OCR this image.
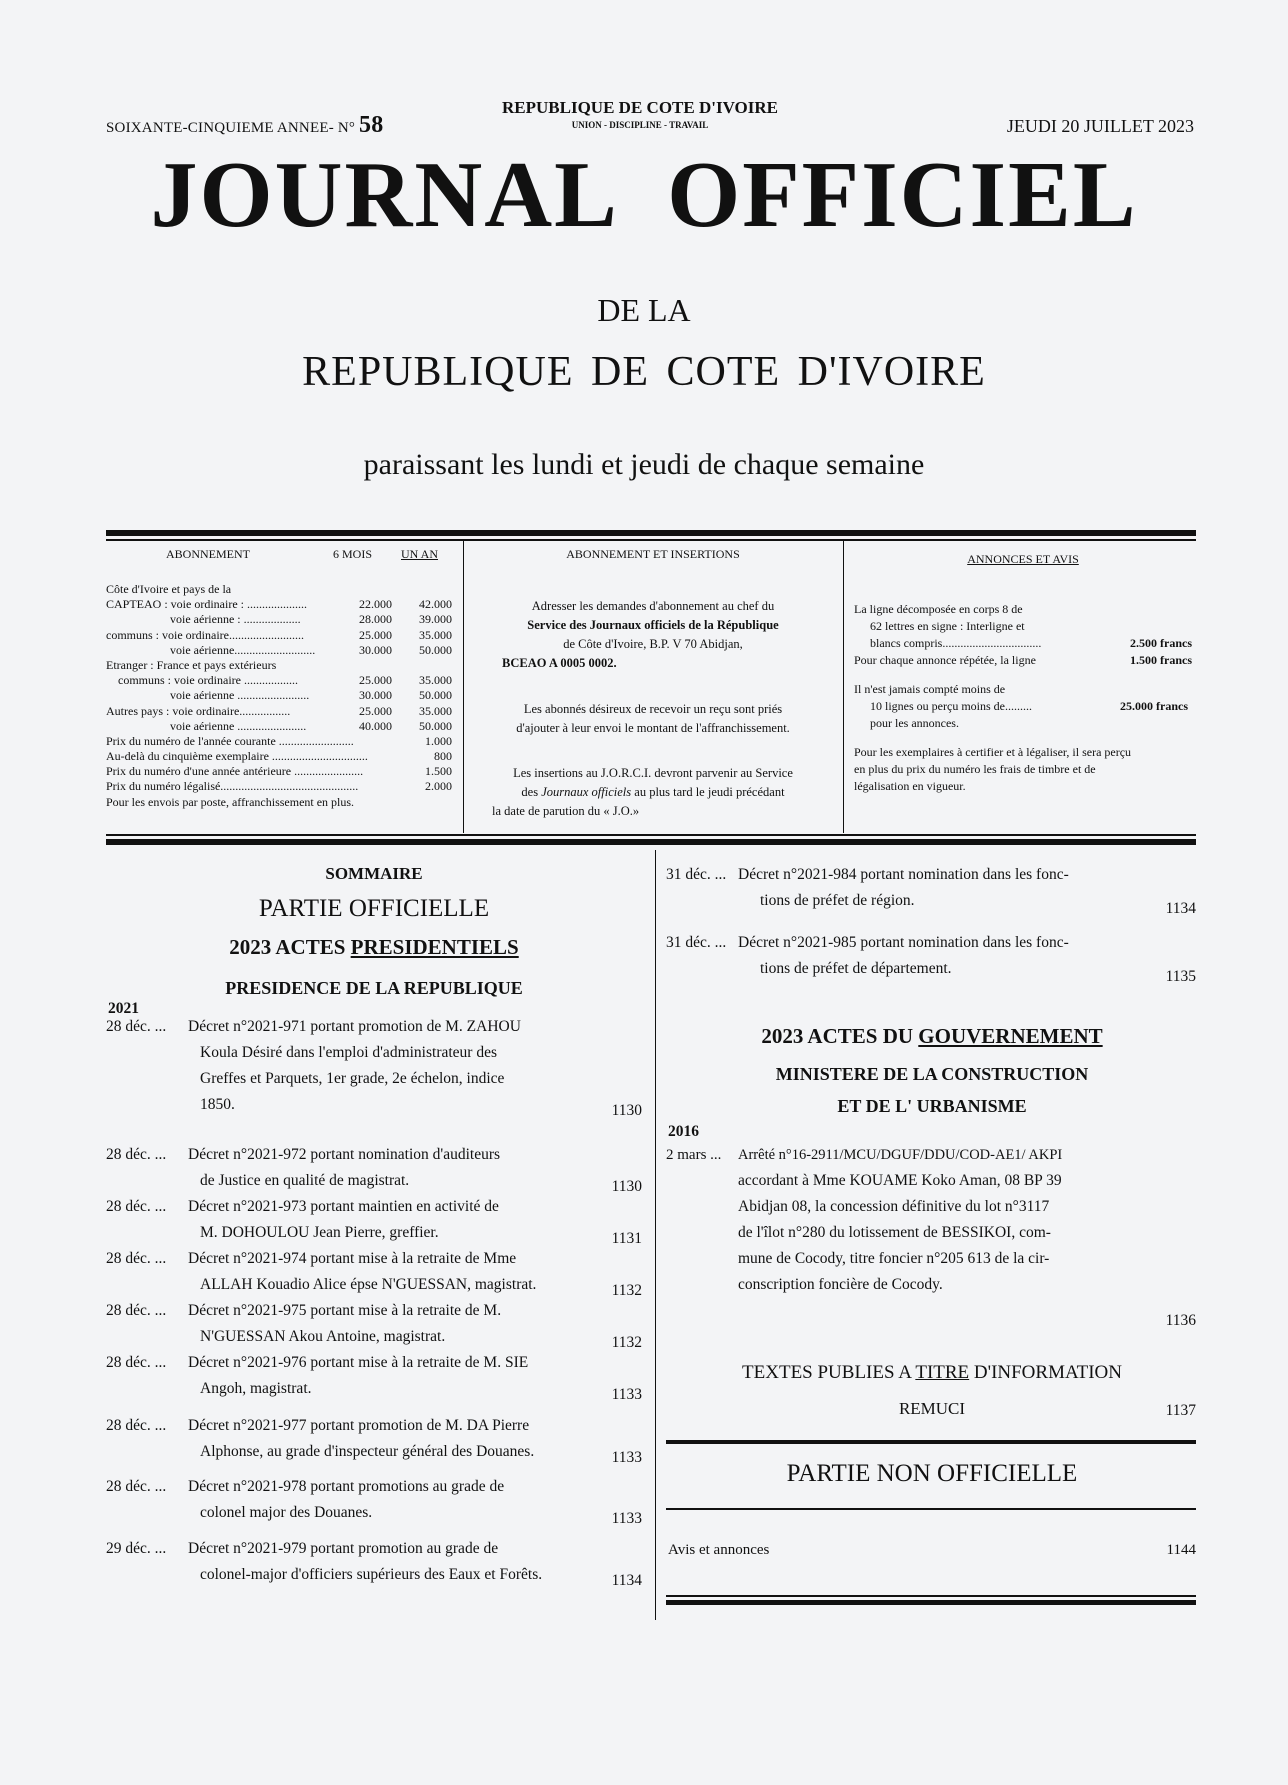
SOIXANTE-CINQUIEME ANNEE- N° 58
REPUBLIQUE DE COTE D'IVOIRE
UNION - DISCIPLINE - TRAVAIL	JEUDI 20 JUILLET 2023
JOURNAL OFFICIEL
DE LA
REPUBLIQUE DE COTE D'IVOIRE
paraissant les lundi et jeudi de chaque semaine
ABONNEMENT	6 MOIS UN AN
Côte d'Ivoire et pays de la
CAPTEAO : voie ordinaire : ....................	22.000	42.000
voie aérienne : ...................	28.000	39.000
communs : voie ordinaire.........................	25.000	35.000
voie aérienne...........................	30.000	50.000
Etranger : France et pays extérieurs
communs : voie ordinaire ..................	25.000	35.000
voie aérienne ........................	30.000	50.000
Autres pays : voie ordinaire.................	25.000	35.000
voie aérienne .......................	40.000	50.000
Prix du numéro de l'année courante .........................	1.000
Au-delà du cinquième exemplaire ................................	800
Prix du numéro d'une année antérieure .......................	1.500
Prix du numéro légalisé..............................................	2.000
Pour les envois par poste, affranchissement en plus.
ABONNEMENT ET INSERTIONS
Adresser les demandes d'abonnement au chef du
Service des Journaux officiels de la République
de Côte d'Ivoire, B.P. V 70 Abidjan,
BCEAO A 0005 0002.
Les abonnés désireux de recevoir un reçu sont priés
d'ajouter à leur envoi le montant de l'affranchissement.
Les insertions au J.O.R.C.I. devront parvenir au Service
des Journaux officiels au plus tard le jeudi précédant
la date de parution du « J.O.»
ANNONCES ET AVIS
La ligne décomposée en corps 8 de
62 lettres en signe : Interligne et
blancs compris.................................	2.500 francs
Pour chaque annonce répétée, la ligne	1.500 francs
Il n'est jamais compté moins de
10 lignes ou perçu moins de.........	25.000 francs
pour les annonces.
Pour les exemplaires à certifier et à légaliser, il sera perçu
en plus du prix du numéro les frais de timbre et de
légalisation en vigueur.
SOMMAIRE
PARTIE OFFICIELLE
2023 ACTES PRESIDENTIELS
PRESIDENCE DE LA REPUBLIQUE
2021
28 déc. ...	Décret n°2021-971 portant promotion de M. ZAHOU
Koula Désiré dans l'emploi d'administrateur des
Greffes et Parquets, 1er grade, 2e échelon, indice
1850.	1130
28 déc. ...	Décret n°2021-972 portant nomination d'auditeurs
de Justice en qualité de magistrat.	1130
28 déc. ...	Décret n°2021-973 portant maintien en activité de
M. DOHOULOU Jean Pierre, greffier.	1131
28 déc. ...	Décret n°2021-974 portant mise à la retraite de Mme
ALLAH Kouadio Alice épse N'GUESSAN, magistrat.	1132
28 déc. ...	Décret n°2021-975 portant mise à la retraite de M.
N'GUESSAN Akou Antoine, magistrat.	1132
28 déc. ...	Décret n°2021-976 portant mise à la retraite de M. SIE
Angoh, magistrat.	1133
28 déc. ...	Décret n°2021-977 portant promotion de M. DA Pierre
Alphonse, au grade d'inspecteur général des Douanes.	1133
28 déc. ...	Décret n°2021-978 portant promotions au grade de
colonel major des Douanes.	1133
29 déc. ...	Décret n°2021-979 portant promotion au grade de
colonel-major d'officiers supérieurs des Eaux et Forêts.	1134
31 déc. ... Décret n°2021-984 portant nomination dans les fonc-
tions de préfet de région.	1134
31 déc. ... Décret n°2021-985 portant nomination dans les fonc-
tions de préfet de département.	1135
2023 ACTES DU GOUVERNEMENT
MINISTERE DE LA CONSTRUCTION
ET DE L' URBANISME
2016
2 mars ... Arrêté n°16-2911/MCU/DGUF/DDU/COD-AE1/ AKPI
accordant à Mme KOUAME Koko Aman, 08 BP 39
Abidjan 08, la concession définitive du lot n°3117
de l'îlot n°280 du lotissement de BESSIKOI, com-
mune de Cocody, titre foncier n°205 613 de la cir-
conscription foncière de Cocody.
1136
TEXTES PUBLIES A TITRE D'INFORMATION
REMUCI	1137
PARTIE NON OFFICIELLE
Avis et annonces	1144
